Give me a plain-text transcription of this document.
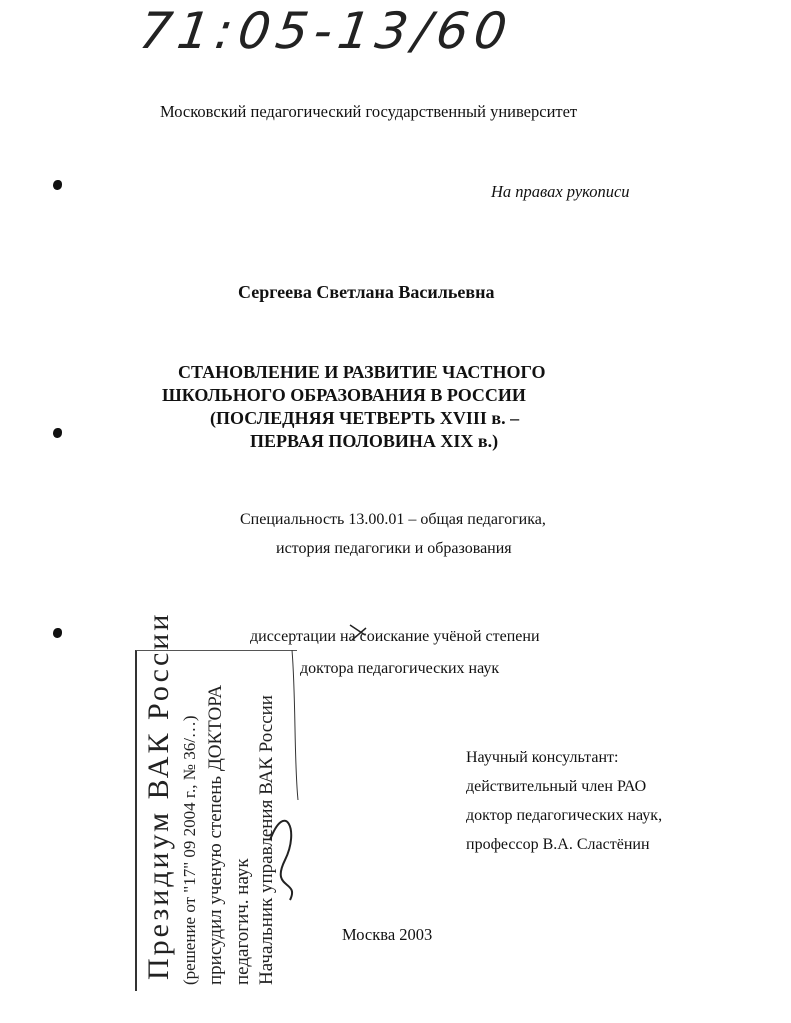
71:05-13/60
Московский педагогический государственный университет
На правах рукописи
Сергеева Светлана Васильевна
СТАНОВЛЕНИЕ И РАЗВИТИЕ ЧАСТНОГО
ШКОЛЬНОГО ОБРАЗОВАНИЯ В РОССИИ
(ПОСЛЕДНЯЯ ЧЕТВЕРТЬ XVIII в. –
ПЕРВАЯ ПОЛОВИНА XIX в.)
Специальность 13.00.01 – общая педагогика,
история педагогики и образования
диссертации на соискание учёной степени
доктора педагогических наук
Научный консультант:
действительный член РАО
доктор педагогических наук,
профессор В.А. Сластёнин
Президиум ВАК России (решение от "17" 09 2004 г., № 36/…) присудил ученую степень ДОКТОРА педагогич. наук Начальник управления ВАК России	Москва 2003
